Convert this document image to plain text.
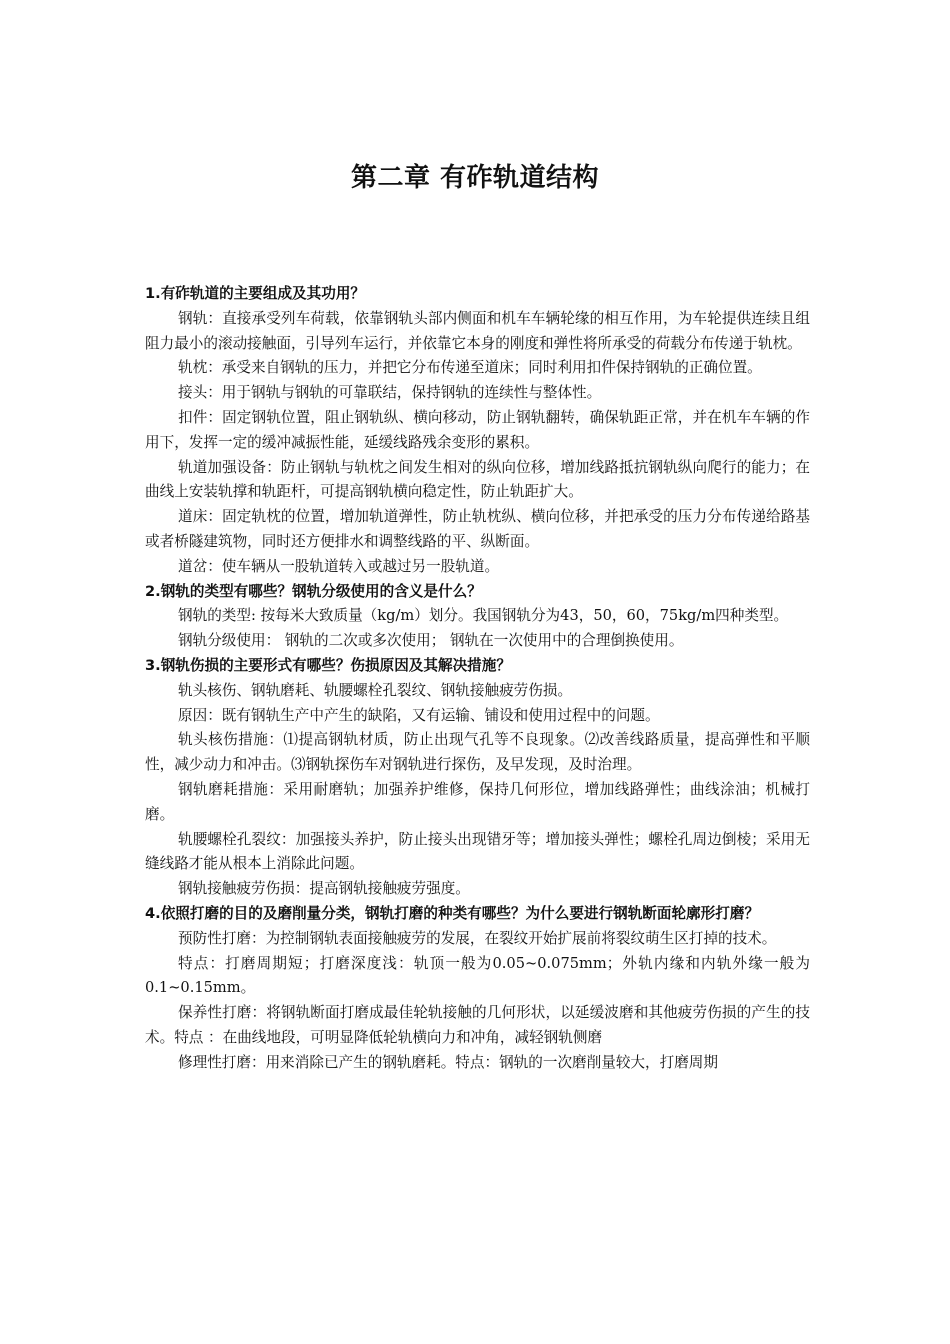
第二章 有砟轨道结构
1.有砟轨道的主要组成及其功用？
钢轨：直接承受列车荷载，依靠钢轨头部内侧面和机车车辆轮缘的相互作用，为车轮提供连续且组阻力最小的滚动接触面，引导列车运行，并依靠它本身的刚度和弹性将所承受的荷载分布传递于轨枕。
轨枕：承受来自钢轨的压力，并把它分布传递至道床；同时利用扣件保持钢轨的正确位置。
接头：用于钢轨与钢轨的可靠联结，保持钢轨的连续性与整体性。
扣件：固定钢轨位置，阻止钢轨纵、横向移动，防止钢轨翻转，确保轨距正常，并在机车车辆的作用下，发挥一定的缓冲减振性能，延缓线路残余变形的累积。
轨道加强设备：防止钢轨与轨枕之间发生相对的纵向位移，增加线路抵抗钢轨纵向爬行的能力；在曲线上安装轨撑和轨距杆，可提高钢轨横向稳定性，防止轨距扩大。
道床：固定轨枕的位置，增加轨道弹性，防止轨枕纵、横向位移，并把承受的压力分布传递给路基或者桥隧建筑物，同时还方便排水和调整线路的平、纵断面。
道岔：使车辆从一股轨道转入或越过另一股轨道。
2.钢轨的类型有哪些？钢轨分级使用的含义是什么？
钢轨的类型: 按每米大致质量（kg/m）划分。我国钢轨分为43，50，60，75kg/m四种类型。
钢轨分级使用： 钢轨的二次或多次使用； 钢轨在一次使用中的合理倒换使用。
3.钢轨伤损的主要形式有哪些？伤损原因及其解决措施？
轨头核伤、钢轨磨耗、轨腰螺栓孔裂纹、钢轨接触疲劳伤损。
原因：既有钢轨生产中产生的缺陷，又有运输、铺设和使用过程中的问题。
轨头核伤措施：⑴提高钢轨材质，防止出现气孔等不良现象。⑵改善线路质量，提高弹性和平顺性，减少动力和冲击。⑶钢轨探伤车对钢轨进行探伤，及早发现，及时治理。
钢轨磨耗措施：采用耐磨轨；加强养护维修，保持几何形位，增加线路弹性；曲线涂油；机械打磨。
轨腰螺栓孔裂纹：加强接头养护，防止接头出现错牙等；增加接头弹性；螺栓孔周边倒棱；采用无缝线路才能从根本上消除此问题。
钢轨接触疲劳伤损：提高钢轨接触疲劳强度。
4.依照打磨的目的及磨削量分类，钢轨打磨的种类有哪些？为什么要进行钢轨断面轮廓形打磨？
预防性打磨：为控制钢轨表面接触疲劳的发展，在裂纹开始扩展前将裂纹萌生区打掉的技术。
特点：打磨周期短；打磨深度浅：轨顶一般为0.05~0.075mm；外轨内缘和内轨外缘一般为0.1~0.15mm。
保养性打磨：将钢轨断面打磨成最佳轮轨接触的几何形状，以延缓波磨和其他疲劳伤损的产生的技术。特点 ：在曲线地段，可明显降低轮轨横向力和冲角，减轻钢轨侧磨
修理性打磨：用来消除已产生的钢轨磨耗。特点：钢轨的一次磨削量较大，打磨周期
